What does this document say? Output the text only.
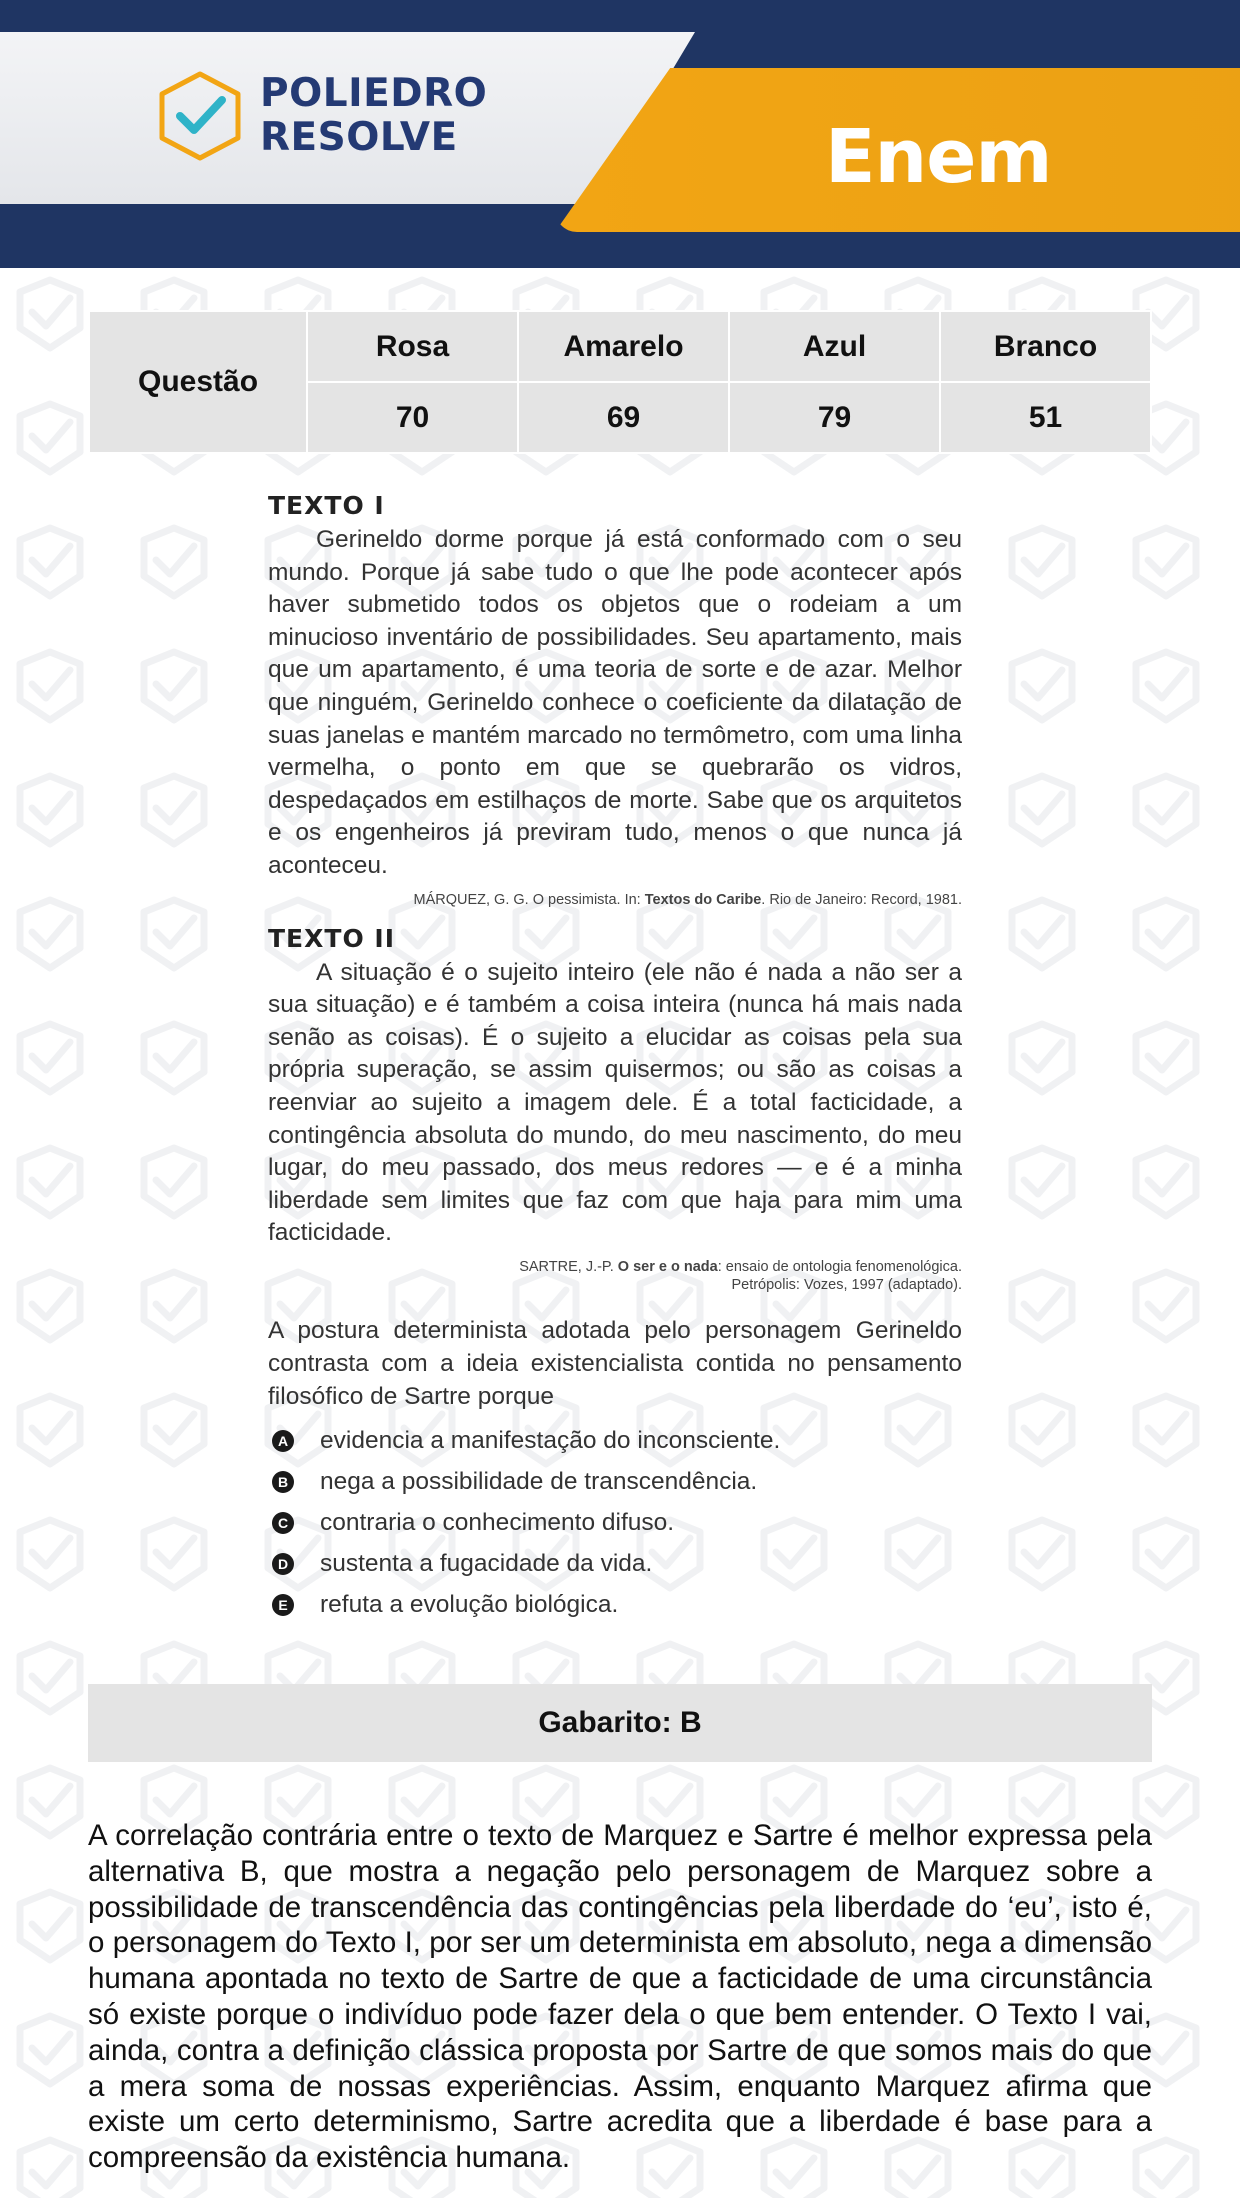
POLIEDRO
RESOLVE	Enem
Questão	Rosa	Amarelo	Azul	Branco
	70	69	79	51
TEXTO I

Gerineldo dorme porque já está conformado com o seu mundo. Porque já sabe tudo o que lhe pode acontecer após haver submetido todos os objetos que o rodeiam a um minucioso inventário de possibilidades. Seu apartamento, mais que um apartamento, é uma teoria de sorte e de azar. Melhor que ninguém, Gerineldo conhece o coeficiente da dilatação de suas janelas e mantém marcado no termômetro, com uma linha vermelha, o ponto em que se quebrarão os vidros, despedaçados em estilhaços de morte. Sabe que os arquitetos e os engenheiros já previram tudo, menos o que nunca já aconteceu.

MÁRQUEZ, G. G. O pessimista. In: Textos do Caribe. Rio de Janeiro: Record, 1981.
TEXTO II

A situação é o sujeito inteiro (ele não é nada a não ser a sua situação) e é também a coisa inteira (nunca há mais nada senão as coisas). É o sujeito a elucidar as coisas pela sua própria superação, se assim quisermos; ou são as coisas a reenviar ao sujeito a imagem dele. É a total facticidade, a contingência absoluta do mundo, do meu nascimento, do meu lugar, do meu passado, dos meus redores — e é a minha liberdade sem limites que faz com que haja para mim uma facticidade.

SARTRE, J.-P. O ser e o nada: ensaio de ontologia fenomenológica.
Petrópolis: Vozes, 1997 (adaptado).
A postura determinista adotada pelo personagem Gerineldo contrasta com a ideia existencialista contida no pensamento filosófico de Sartre porque
A evidencia a manifestação do inconsciente.
B nega a possibilidade de transcendência.
C contraria o conhecimento difuso.
D sustenta a fugacidade da vida.
E refuta a evolução biológica.
Gabarito: B
A correlação contrária entre o texto de Marquez e Sartre é melhor expressa pela alternativa B, que mostra a negação pelo personagem de Marquez sobre a possibilidade de transcendência das contingências pela liberdade do ‘eu’, isto é, o personagem do Texto I, por ser um determinista em absoluto, nega a dimensão humana apontada no texto de Sartre de que a facticidade de uma circunstância só existe porque o indivíduo pode fazer dela o que bem entender. O Texto I vai, ainda, contra a definição clássica proposta por Sartre de que somos mais do que a mera soma de nossas experiências. Assim, enquanto Marquez afirma que existe um certo determinismo, Sartre acredita que a liberdade é base para a compreensão da existência humana.
